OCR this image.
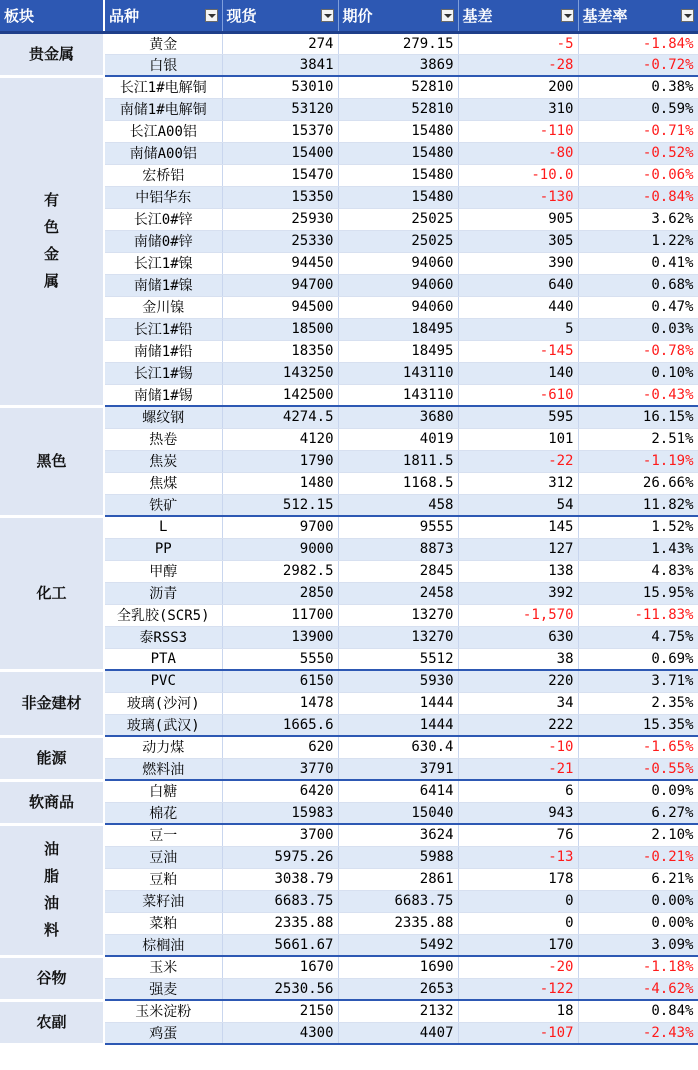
板块	品种	现货	期价	基差	基差率

贵金属	黄金	274	279.15	-5	-1.84%
	白银	3841	3869	-28	-0.72%
有色金属	长江1#电解铜	53010	52810	200	0.38%
	南储1#电解铜	53120	52810	310	0.59%
	长江A00铝	15370	15480	-110	-0.71%
	南储A00铝	15400	15480	-80	-0.52%
	宏桥铝	15470	15480	-10.0	-0.06%
	中铝华东	15350	15480	-130	-0.84%
	长江0#锌	25930	25025	905	3.62%
	南储0#锌	25330	25025	305	1.22%
	长江1#镍	94450	94060	390	0.41%
	南储1#镍	94700	94060	640	0.68%
	金川镍	94500	94060	440	0.47%
	长江1#铅	18500	18495	5	0.03%
	南储1#铅	18350	18495	-145	-0.78%
	长江1#锡	143250	143110	140	0.10%
	南储1#锡	142500	143110	-610	-0.43%
黑色	螺纹钢	4274.5	3680	595	16.15%
	热卷	4120	4019	101	2.51%
	焦炭	1790	1811.5	-22	-1.19%
	焦煤	1480	1168.5	312	26.66%
	铁矿	512.15	458	54	11.82%
化工	L	9700	9555	145	1.52%
	PP	9000	8873	127	1.43%
	甲醇	2982.5	2845	138	4.83%
	沥青	2850	2458	392	15.95%
	全乳胶(SCR5)	11700	13270	-1,570	-11.83%
	泰RSS3	13900	13270	630	4.75%
	PTA	5550	5512	38	0.69%
非金建材	PVC	6150	5930	220	3.71%
	玻璃(沙河)	1478	1444	34	2.35%
	玻璃(武汉)	1665.6	1444	222	15.35%
能源	动力煤	620	630.4	-10	-1.65%
	燃料油	3770	3791	-21	-0.55%
软商品	白糖	6420	6414	6	0.09%
	棉花	15983	15040	943	6.27%
油脂油料	豆一	3700	3624	76	2.10%
	豆油	5975.26	5988	-13	-0.21%
	豆粕	3038.79	2861	178	6.21%
	菜籽油	6683.75	6683.75	0	0.00%
	菜粕	2335.88	2335.88	0	0.00%
	棕榈油	5661.67	5492	170	3.09%
谷物	玉米	1670	1690	-20	-1.18%
	强麦	2530.56	2653	-122	-4.62%
农副	玉米淀粉	2150	2132	18	0.84%
	鸡蛋	4300	4407	-107	-2.43%
